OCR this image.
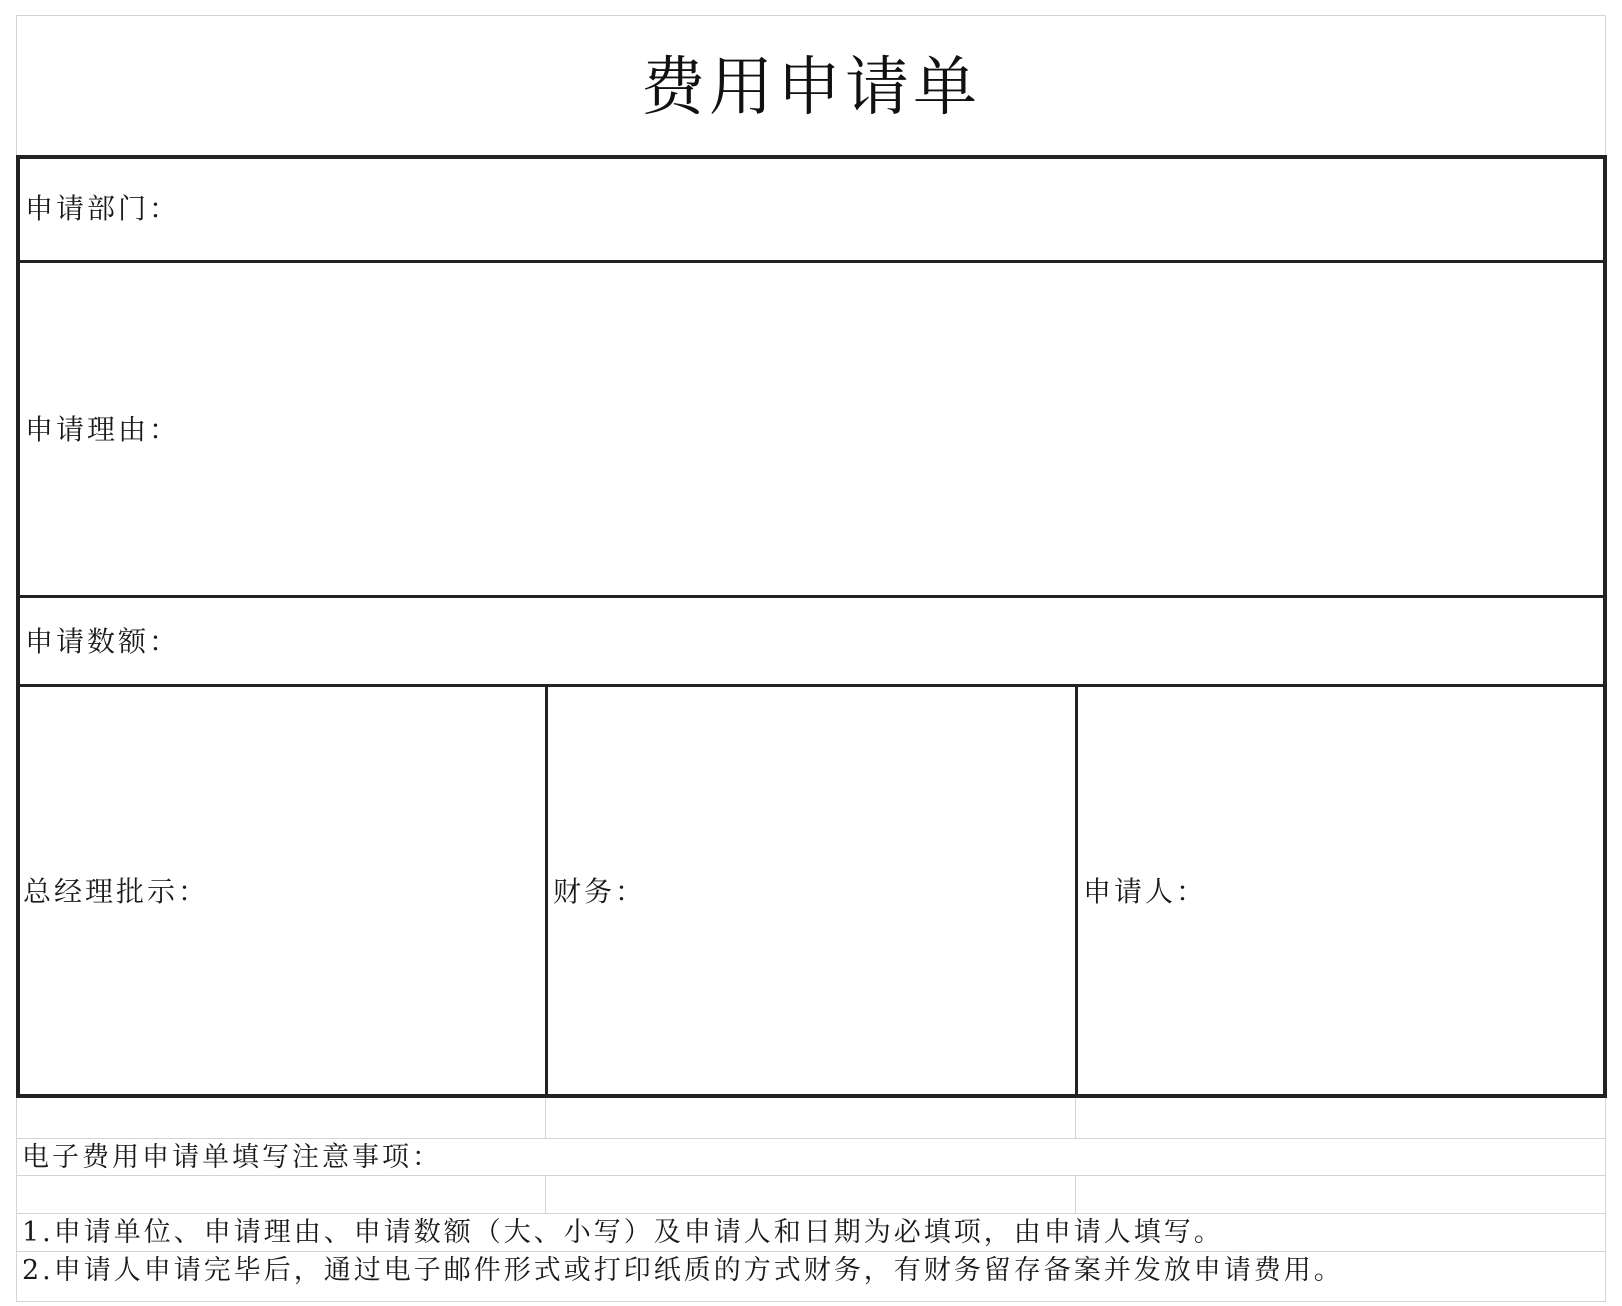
费用申请单
申请部门：
申请理由：
申请数额：
总经理批示：	财务：	申请人：
电子费用申请单填写注意事项：
1.申请单位、申请理由、申请数额（大、小写）及申请人和日期为必填项，由申请人填写。
2.申请人申请完毕后，通过电子邮件形式或打印纸质的方式财务，有财务留存备案并发放申请费用。
